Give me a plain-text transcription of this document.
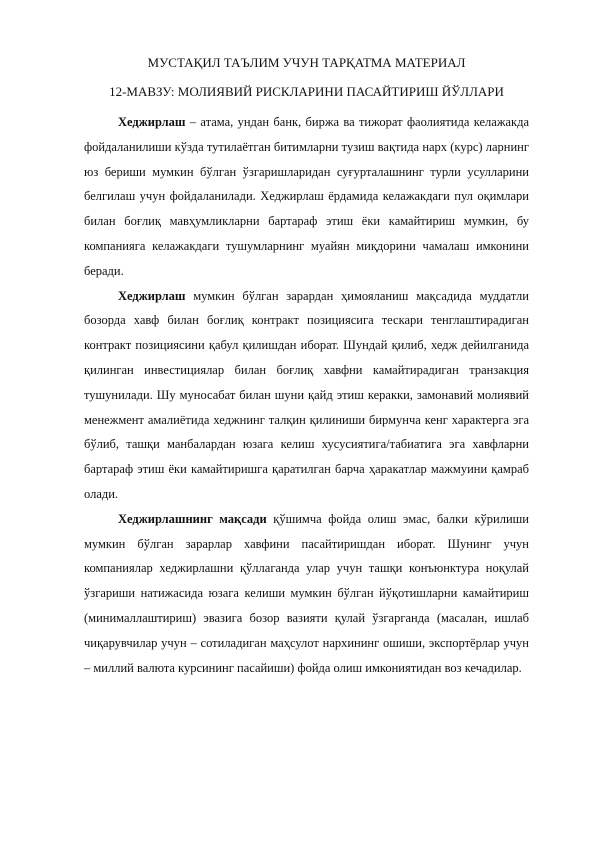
МУСТАҚИЛ ТАЪЛИМ УЧУН ТАРҚАТМА МАТЕРИАЛ
12-МАВЗУ: МОЛИЯВИЙ РИСКЛАРИНИ ПАСАЙТИРИШ ЙЎЛЛАРИ

Хеджирлаш – атама, ундан банк, биржа ва тижорат фаолиятида келажакда фойдаланилиши кўзда тутилаётган битимларни тузиш вақтида нарх (курс) ларнинг юз бериши мумкин бўлган ўзгаришларидан суғурталашнинг турли усулларини белгилаш учун фойдаланилади. Хеджирлаш ёрдамида келажакдаги пул оқимлари билан боғлиқ мавҳумликларни бартараф этиш ёки камайтириш мумкин, бу компанияга келажакдаги тушумларнинг муайян миқдорини чамалаш имконини беради.

Хеджирлаш мумкин бўлган зарардан ҳимояланиш мақсадида муддатли бозорда хавф билан боғлиқ контракт позициясига тескари тенглаштирадиган контракт позициясини қабул қилишдан иборат. Шундай қилиб, хедж дейилганида қилинган инвестициялар билан боғлиқ хавфни камайтирадиган транзакция тушунилади. Шу муносабат билан шуни қайд этиш керакки, замонавий молиявий менежмент амалиётида хеджнинг талқин қилиниши бирмунча кенг характерга эга бўлиб, ташқи манбалардан юзага келиш хусусиятига/табиатига эга хавфларни бартараф этиш ёки камайтиришга қаратилган барча ҳаракатлар мажмуини қамраб олади.

Хеджирлашнинг мақсади қўшимча фойда олиш эмас, балки кўрилиши мумкин бўлган зарарлар хавфини пасайтиришдан иборат. Шунинг учун компаниялар хеджирлашни қўллаганда улар учун ташқи конъюнктура ноқулай ўзгариши натижасида юзага келиши мумкин бўлган йўқотишларни камайтириш (минималлаштириш) эвазига бозор вазияти қулай ўзгарганда (масалан, ишлаб чиқарувчилар учун – сотиладиган маҳсулот нархининг ошиши, экспортёрлар учун – миллий валюта курсининг пасайиши) фойда олиш имкониятидан воз кечадилар.
